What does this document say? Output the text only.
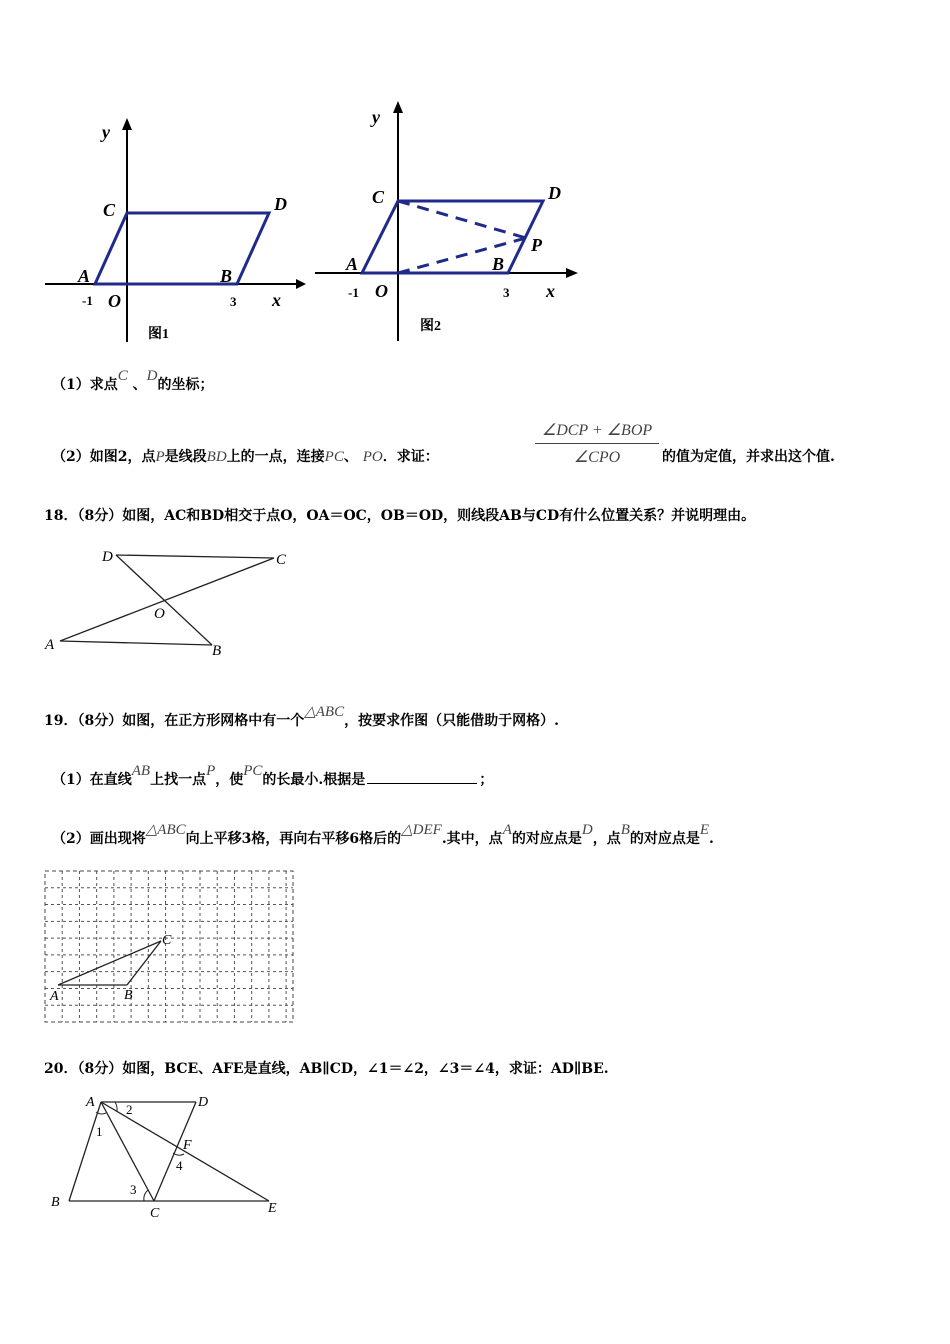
y
x
C	D
A	B
O
-1	3
图1
y
x
C	D
P
A	B
O
-1	3
图2
（1）求点C 、D的坐标；
（2）如图2，点P是线段BD上的一点，连接PC、 PO．求证：
∠DCP + ∠BOP
∠CPO	的值为定值，并求出这个值.
18．（8分）如图，AC和BD相交于点O，OA＝OC，OB＝OD，则线段AB与CD有什么位置关系？并说明理由。
D	C
O
A	B
19．（8分）如图，在正方形网格中有一个△ABC，按要求作图（只能借助于网格）.
（1）在直线AB上找一点P，使PC的长最小.根据是	；
（2）画出现将△ABC向上平移3格，再向右平移6格后的△DEF.其中，点A的对应点是D，点B的对应点是E.
A	B
C
20．（8分）如图，BCE、AFE是直线，AB∥CD，∠1＝∠2，∠3＝∠4，求证：AD∥BE.
A	D
B
C	E
F
1
2
3
4
